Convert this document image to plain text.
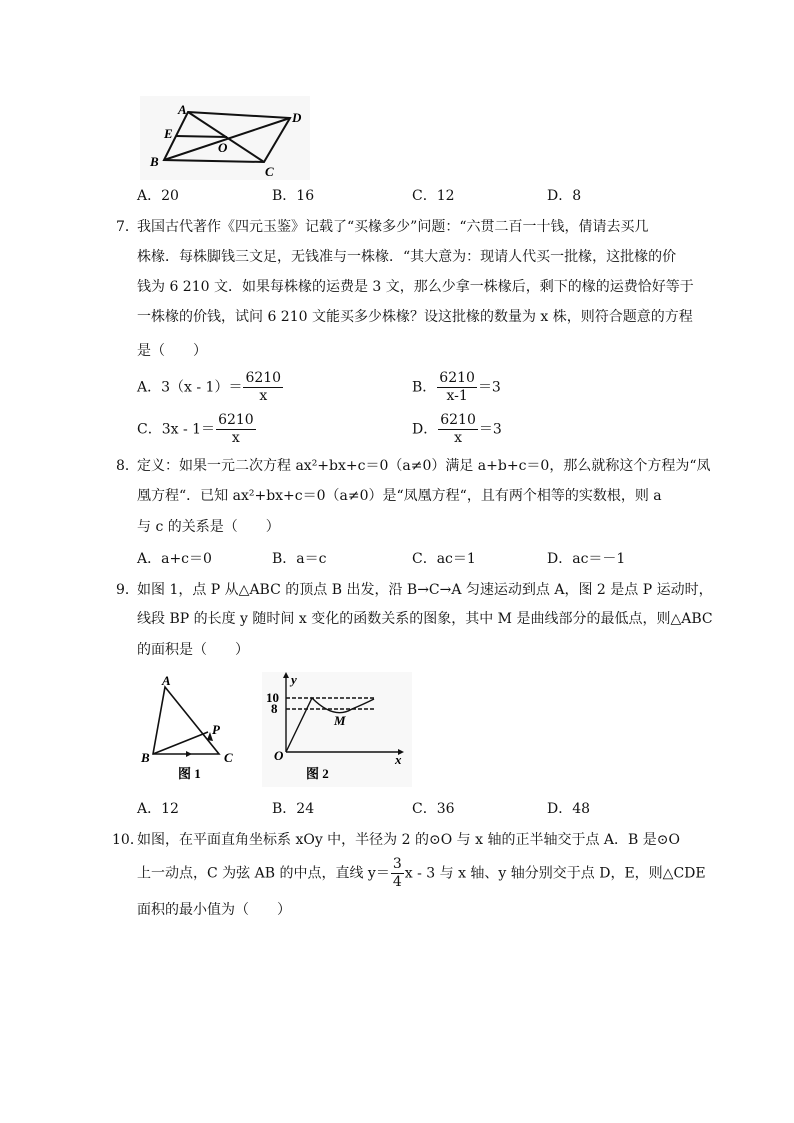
A
D
E
O
B
C
A．20	B．16	C．12	D．8
7．
我国古代著作《四元玉鉴》记载了“买椽多少”问题：“六贯二百一十钱，倩请去买几
株椽．每株脚钱三文足，无钱准与一株椽．“其大意为：现请人代买一批椽，这批椽的价
钱为 6 210 文．如果每株椽的运费是 3 文，那么少拿一株椽后，剩下的椽的运费恰好等于
一株椽的价钱，试问 6 210 文能买多少株椽？设这批椽的数量为 x 株，则符合题意的方程
是（　　）
A．$3(x - 1)= \frac{6210}{x}$	B． $\frac{6210}{x-1} =3$
C．$3x - 1= \frac{6210}{x}$	D． $\frac{6210}{x} =3$
8．
定义：如果一元二次方程 ax²+bx+c＝0（a≠0）满足 a+b+c＝0，那么就称这个方程为“凤
凰方程“．已知 ax²+bx+c＝0（a≠0）是“凤凰方程“，且有两个相等的实数根，则 a
与 c 的关系是（　　）
A．a+c＝0	B．a＝c	C．ac＝1	D．ac＝－1
9．
如图 1，点 P 从△ABC 的顶点 B 出发，沿 B→C→A 匀速运动到点 A，图 2 是点 P 运动时，
线段 BP 的长度 y 随时间 x 变化的函数关系的图象，其中 M 是曲线部分的最低点，则△ABC
的面积是（　　）
A
P
B	C
图 1
y
10
8
M
O	x
图 2
A．12	B．24	C．36	D．48
10．
如图，在平面直角坐标系 xOy 中，半径为 2 的⊙O 与 x 轴的正半轴交于点 A．B 是⊙O
上一动点，C 为弦 AB 的中点，直线 $y= \frac{3}{4}$ x - 3 与 x 轴、y 轴分别交于点 D，E，则△CDE
面积的最小值为（　　）
